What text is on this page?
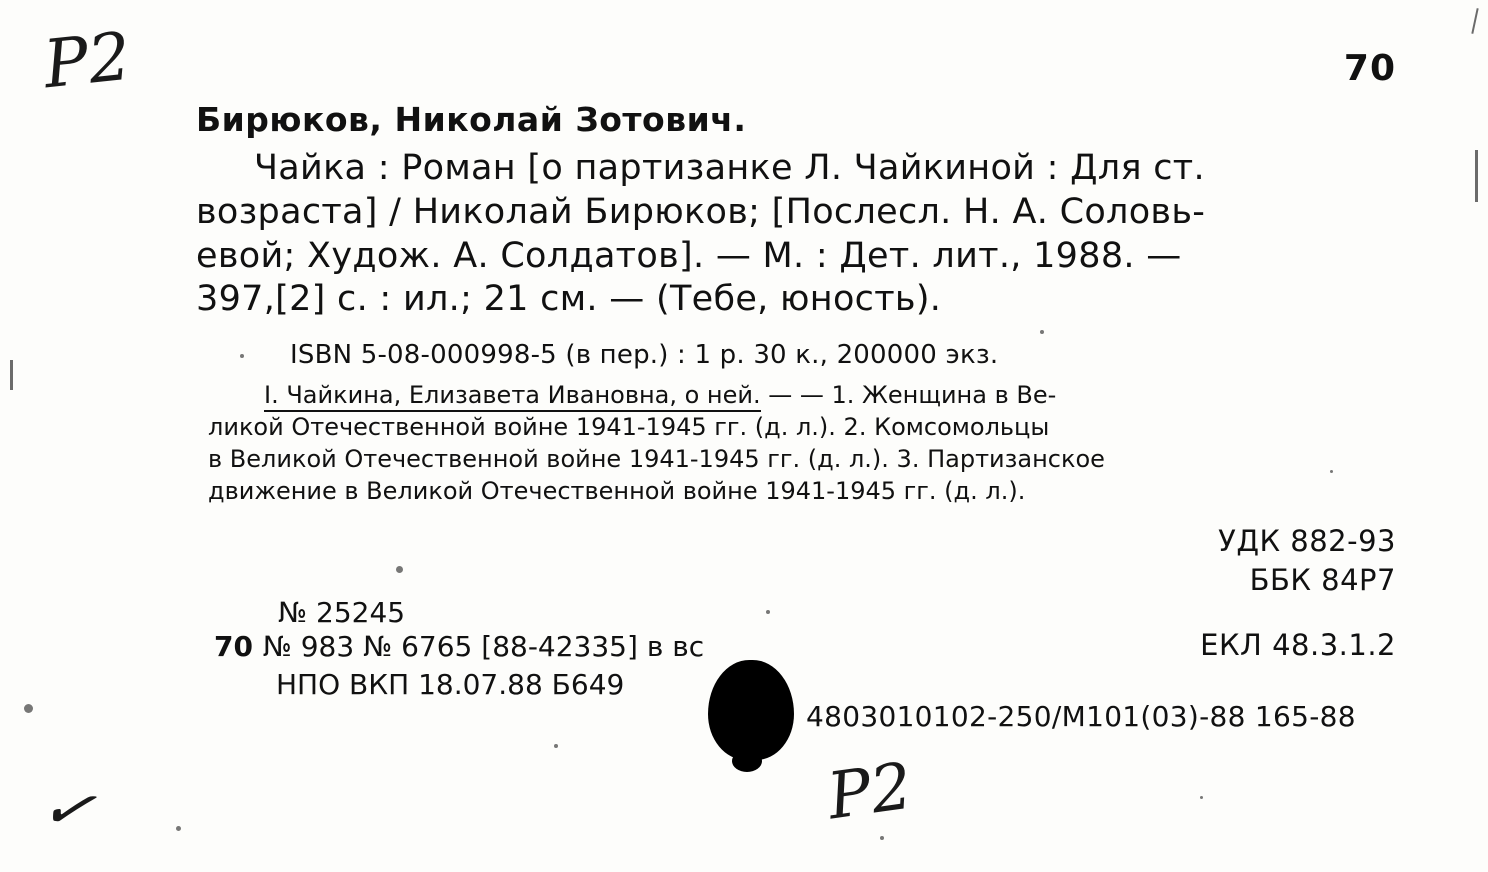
Р2
✓	Р2
70
Бирюков, Николай Зотович.
Чайка : Роман [о партизанке Л. Чайкиной : Для ст.
возраста] / Николай Бирюков; [Послесл. Н. А. Соловь-
евой; Худож. А. Солдатов]. — М. : Дет. лит., 1988. —
397,[2] с. : ил.; 21 см. — (Тебе, юность).
ISBN 5-08-000998-5 (в пер.) : 1 р. 30 к., 200000 экз.
I. Чайкина, Елизавета Ивановна, о ней. — — 1. Женщина в Ве-
ликой Отечественной войне 1941-1945 гг. (д. л.). 2. Комсомольцы
в Великой Отечественной войне 1941-1945 гг. (д. л.). 3. Партизанское
движение в Великой Отечественной войне 1941-1945 гг. (д. л.).
УДК 882-93
ББК 84Р7
№ 25245
70 № 983 № 6765 [88-42335] в вс
НПО ВКП 18.07.88 Б649
ЕКЛ 48.3.1.2
4803010102-250/М101(03)-88 165-88
